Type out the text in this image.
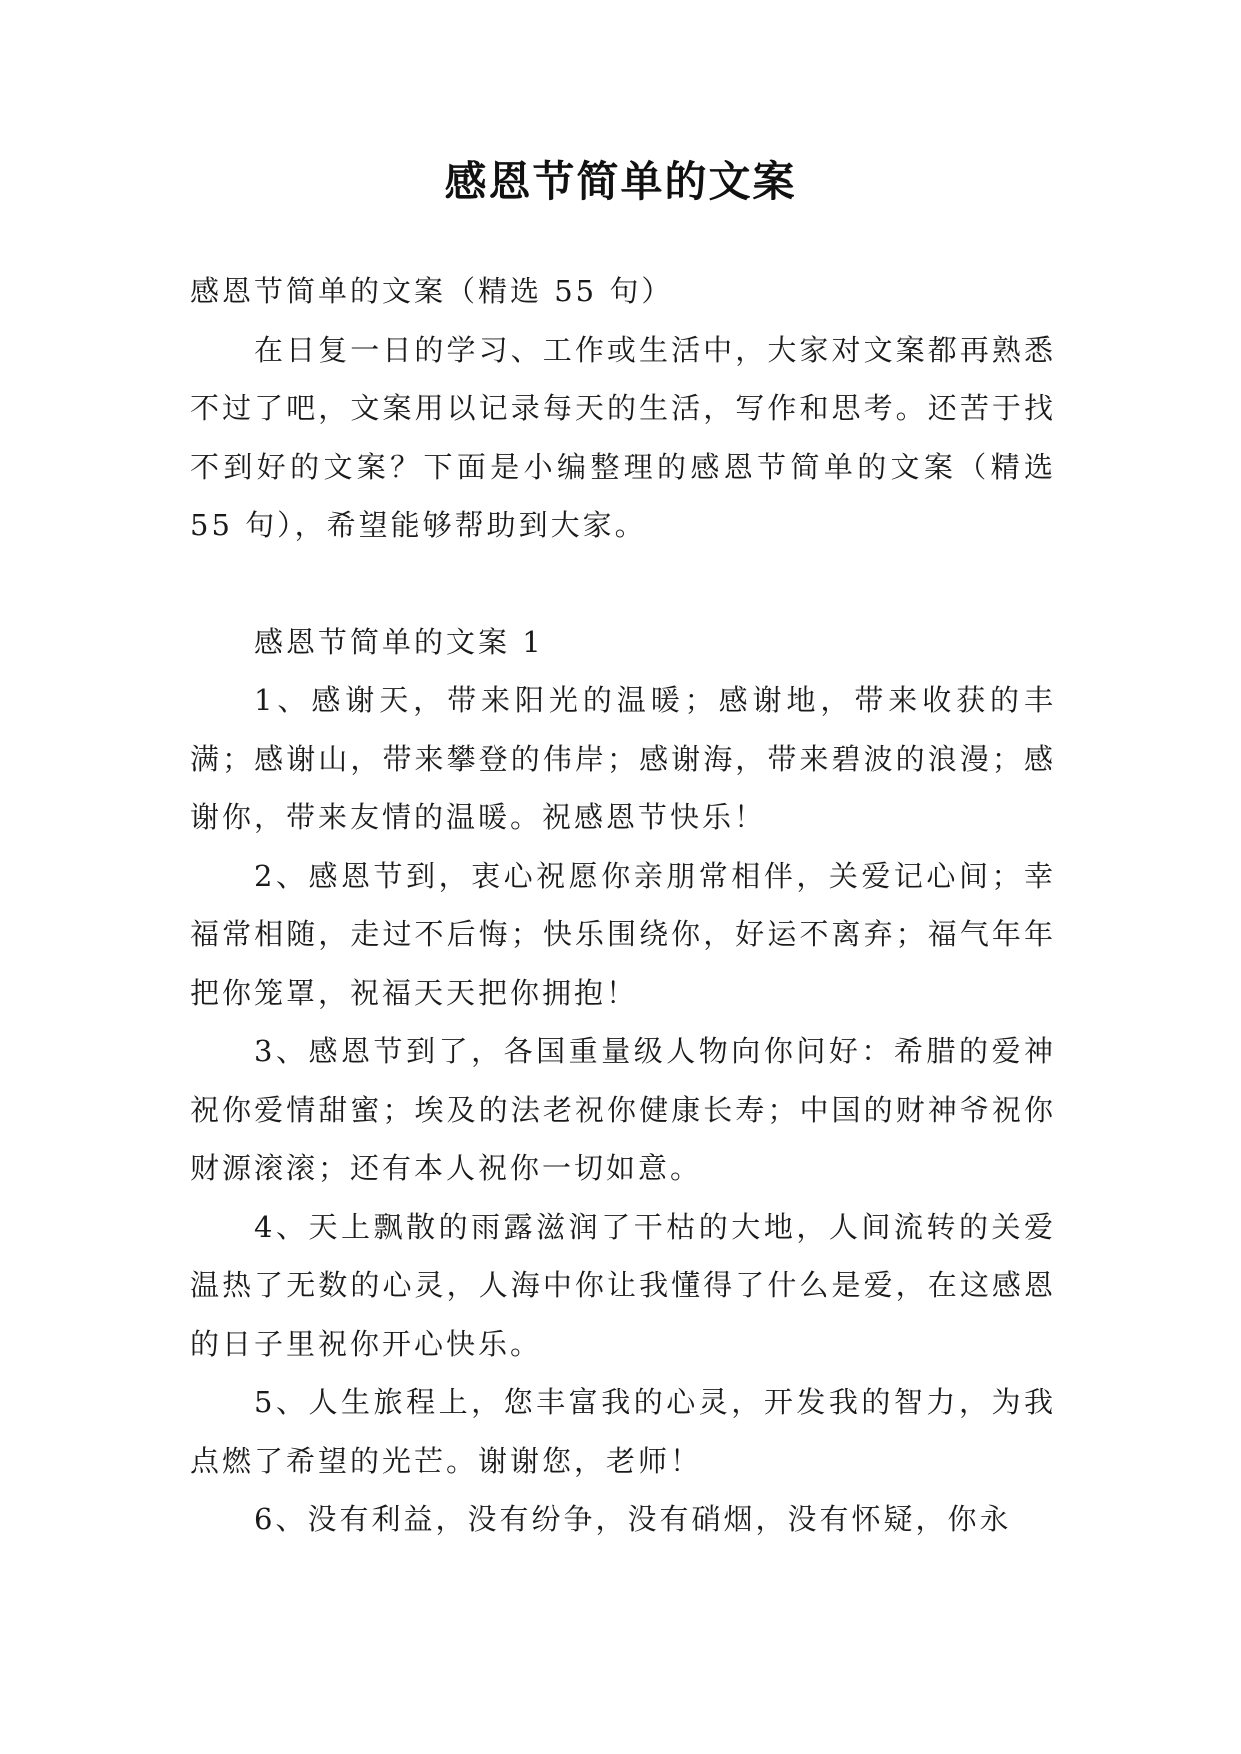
感恩节简单的文案

感恩节简单的文案（精选 55 句）

在日复一日的学习、工作或生活中，大家对文案都再熟悉不过了吧，文案用以记录每天的生活，写作和思考。还苦于找不到好的文案？下面是小编整理的感恩节简单的文案（精选 55 句），希望能够帮助到大家。

感恩节简单的文案 1

1、感谢天，带来阳光的温暖；感谢地，带来收获的丰满；感谢山，带来攀登的伟岸；感谢海，带来碧波的浪漫；感谢你，带来友情的温暖。祝感恩节快乐！

2、感恩节到，衷心祝愿你亲朋常相伴，关爱记心间；幸福常相随，走过不后悔；快乐围绕你，好运不离弃；福气年年把你笼罩，祝福天天把你拥抱！

3、感恩节到了，各国重量级人物向你问好：希腊的爱神祝你爱情甜蜜；埃及的法老祝你健康长寿；中国的财神爷祝你财源滚滚；还有本人祝你一切如意。

4、天上飘散的雨露滋润了干枯的大地，人间流转的关爱温热了无数的心灵，人海中你让我懂得了什么是爱，在这感恩的日子里祝你开心快乐。

5、人生旅程上，您丰富我的心灵，开发我的智力，为我点燃了希望的光芒。谢谢您，老师！

6、没有利益，没有纷争，没有硝烟，没有怀疑，你永
